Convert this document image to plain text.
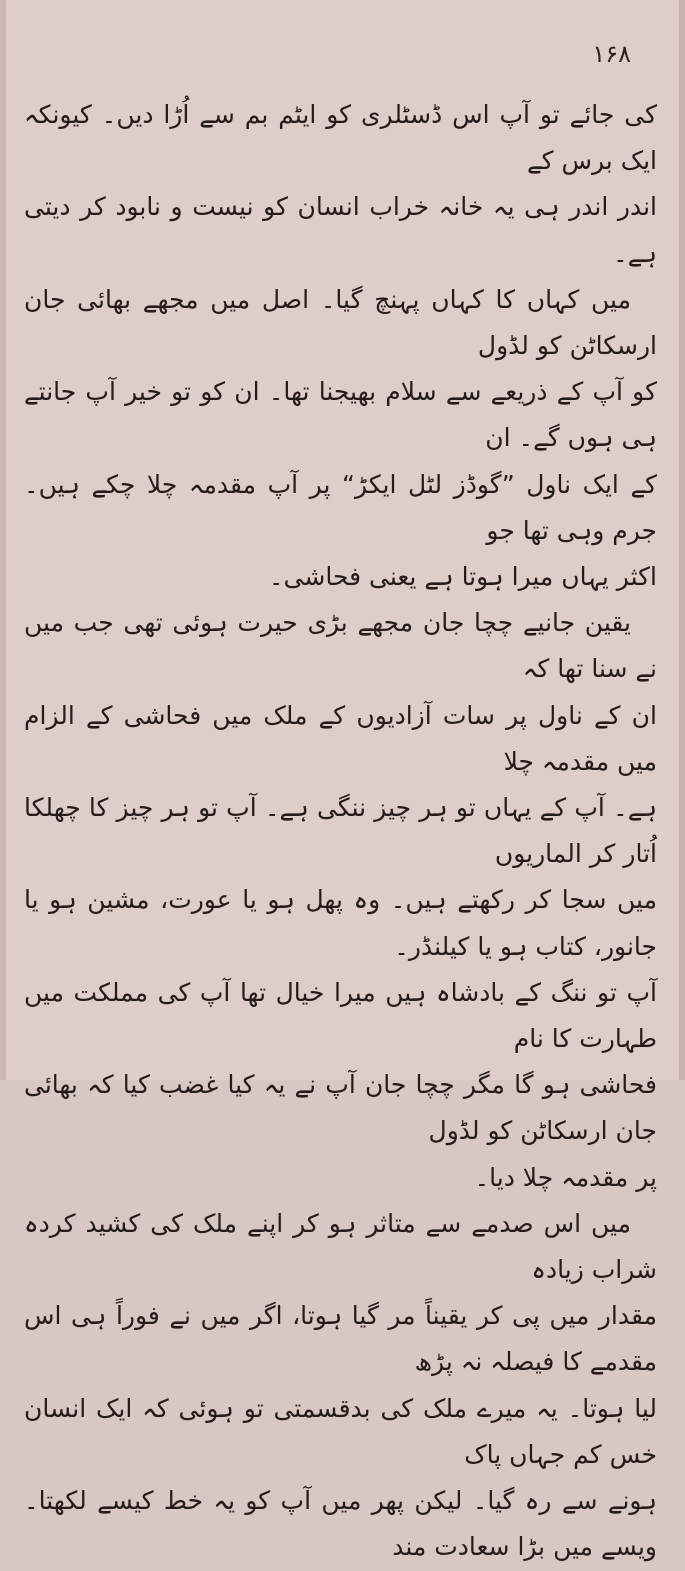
۱۶۸

کی جائے تو آپ اس ڈسٹلری کو ایٹم بم سے اُڑا دیں۔ کیونکہ ایک برس کے
اندر اندر ہی یہ خانہ خراب انسان کو نیست و نابود کر دیتی ہے۔

میں کہاں کا کہاں پہنچ گیا۔ اصل میں مجھے بھائی جان ارسکاٹن کو لڈول
کو آپ کے ذریعے سے سلام بھیجنا تھا۔ ان کو تو خیر آپ جانتے ہی ہوں گے۔ ان
کے ایک ناول ”گوڈز لٹل ایکڑ“ پر آپ مقدمہ چلا چکے ہیں۔ جرم وہی تھا جو
اکثر یہاں میرا ہوتا ہے یعنی فحاشی۔

یقین جانیے چچا جان مجھے بڑی حیرت ہوئی تھی جب میں نے سنا تھا کہ
ان کے ناول پر سات آزادیوں کے ملک میں فحاشی کے الزام میں مقدمہ چلا
ہے۔ آپ کے یہاں تو ہر چیز ننگی ہے۔ آپ تو ہر چیز کا چھلکا اُتار کر الماریوں
میں سجا کر رکھتے ہیں۔ وہ پھل ہو یا عورت، مشین ہو یا جانور، کتاب ہو یا کیلنڈر۔
آپ تو ننگ کے بادشاہ ہیں میرا خیال تھا آپ کی مملکت میں طہارت کا نام
فحاشی ہو گا مگر چچا جان آپ نے یہ کیا غضب کیا کہ بھائی جان ارسکاٹن کو لڈول
پر مقدمہ چلا دیا۔

میں اس صدمے سے متاثر ہو کر اپنے ملک کی کشید کردہ شراب زیادہ
مقدار میں پی کر یقیناً مر گیا ہوتا، اگر میں نے فوراً ہی اس مقدمے کا فیصلہ نہ پڑھ
لیا ہوتا۔ یہ میرے ملک کی بدقسمتی تو ہوئی کہ ایک انسان خس کم جہاں پاک
ہونے سے رہ گیا۔ لیکن پھر میں آپ کو یہ خط کیسے لکھتا۔ ویسے میں بڑا سعادت مند
